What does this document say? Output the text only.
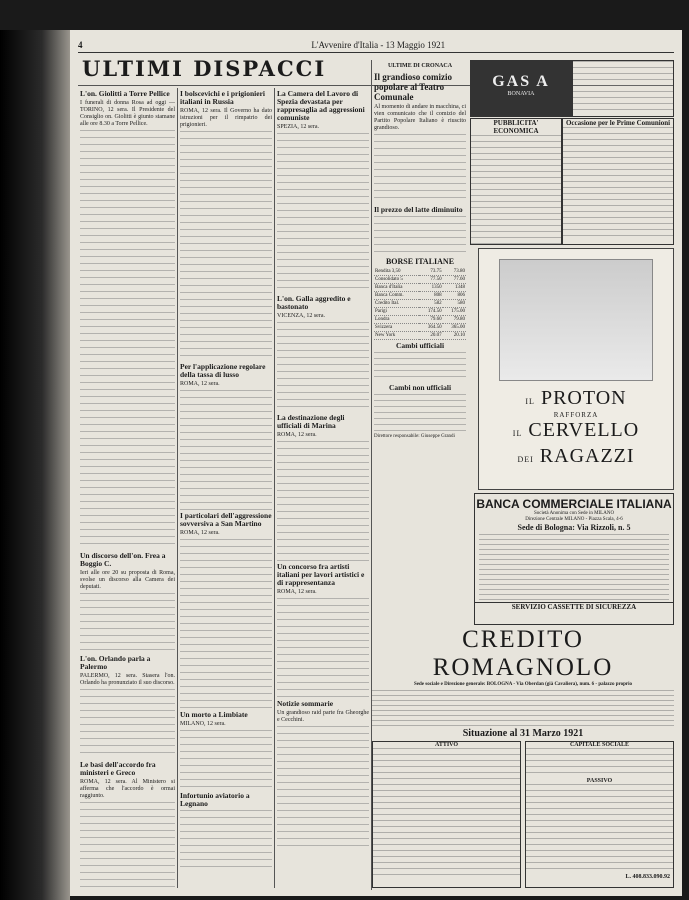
4	L'Avvenire d'Italia - 13 Maggio 1921
ULTIMI DISPACCI
L'on. Giolitti a Torre Pellice

I funerali di donna Rosa ad oggi — TORINO, 12 sera. Il Presidente del Consiglio on. Giolitti è giunto stamane alle ore 8.30 a Torre Pellice.

Un discorso dell'on. Frea a Boggio C.

Ieri alle ore 20 su proposta di Roma, svolse un discorso alla Camera dei deputati.

L'on. Orlando parla a Palermo

PALERMO, 12 sera. Stasera l'on. Orlando ha pronunziato il suo discorso.

Le basi dell'accordo fra ministeri e Greco

ROMA, 12 sera. Al Ministero si afferma che l'accordo è ormai raggiunto.

I bolscevichi e i prigionieri italiani in Russia

ROMA, 12 sera. Il Governo ha dato istruzioni per il rimpatrio dei prigionieri.

Per l'applicazione regolare della tassa di lusso

ROMA, 12 sera.

I particolari dell'aggressione sovversiva a San Martino

ROMA, 12 sera.

Un morto a Limbiate

MILANO, 12 sera.

Infortunio aviatorio a Legnano
La Camera del Lavoro di Spezia devastata per rappresaglia ad aggressioni comuniste

SPEZIA, 12 sera.

L'on. Galla aggredito e bastonato

VICENZA, 12 sera.

La destinazione degli ufficiali di Marina

ROMA, 12 sera.

Un concorso fra artisti italiani per lavori artistici e di rappresentanza

ROMA, 12 sera.

Notizie sommarie

Un grandioso raid parte fra Gheorghe e Cecchini.

ULTIME DI CRONACA
Il grandioso comizio popolare al Teatro Comunale

Al momento di andare in macchina, ci vien comunicato che il comizio del Partito Popolare Italiano è riuscito grandioso.

Il prezzo del latte diminuito
BORSE ITALIANE
Rendita 3,50	73.75	73.80
Consolidato 5	77.50	77.60
Banca d'Italia	1350	1348
Banca Comm.	808	806
Credito Ital.	582	580
Parigi	174.50	175.00
Londra	79.60	79.80
Svizzera	364.50	365.00
New York	20.07	20.10
Cambi ufficiali
Cambi non ufficiali

Direttore responsabile: Giuseppe Grandi

GAS A
BONAVIA
PUBBLICITA' ECONOMICA
Occasione per le Prime Comunioni
IL PROTON
RAFFORZA
IL CERVELLO
DEI RAGAZZI
BANCA COMMERCIALE ITALIANA
Società Anonima con Sede in MILANO
Direzione Centrale MILANO - Piazza Scala, 4-6
Sede di Bologna: Via Rizzoli, n. 5
SERVIZIO CASSETTE DI SICUREZZA
CREDITO ROMAGNOLO
Sede sociale e Direzione generale: BOLOGNA - Via Oberdan (già Cavaliera), num. 6 - palazzo proprio
Situazione al 31 Marzo 1921
ATTIVO	CAPITALE SOCIALE
PASSIVO
L. 408.833.090.92
